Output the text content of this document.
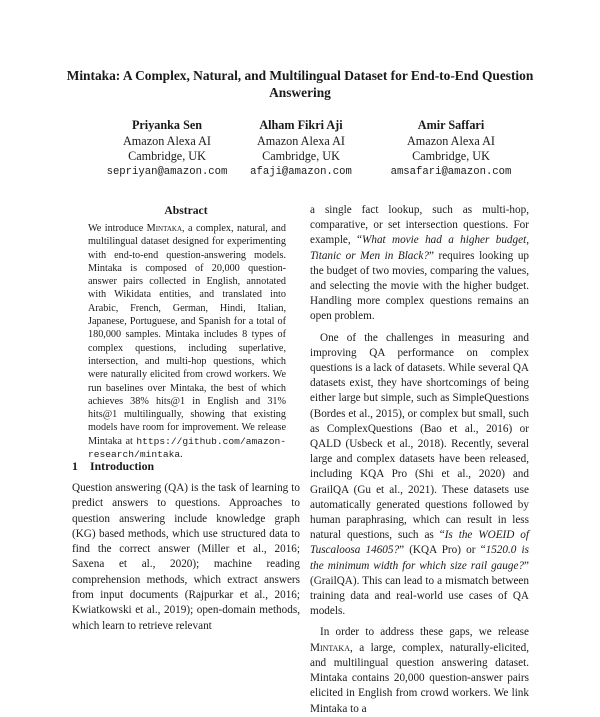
Mintaka: A Complex, Natural, and Multilingual Dataset for End-to-End Question Answering
Priyanka Sen
Amazon Alexa AI
Cambridge, UK
sepriyan@amazon.com
Alham Fikri Aji
Amazon Alexa AI
Cambridge, UK
afaji@amazon.com
Amir Saffari
Amazon Alexa AI
Cambridge, UK
amsafari@amazon.com
Abstract
We introduce Mintaka, a complex, natural, and multilingual dataset designed for experimenting with end-to-end question-answering models. Mintaka is composed of 20,000 question-answer pairs collected in English, annotated with Wikidata entities, and translated into Arabic, French, German, Hindi, Italian, Japanese, Portuguese, and Spanish for a total of 180,000 samples. Mintaka includes 8 types of complex questions, including superlative, intersection, and multi-hop questions, which were naturally elicited from crowd workers. We run baselines over Mintaka, the best of which achieves 38% hits@1 in English and 31% hits@1 multilingually, showing that existing models have room for improvement. We release Mintaka at https://github.com/amazon-research/mintaka.
1 Introduction
Question answering (QA) is the task of learning to predict answers to questions. Approaches to question answering include knowledge graph (KG) based methods, which use structured data to find the correct answer (Miller et al., 2016; Saxena et al., 2020); machine reading comprehension methods, which extract answers from input documents (Rajpurkar et al., 2016; Kwiatkowski et al., 2019); open-domain methods, which learn to retrieve relevant

a single fact lookup, such as multi-hop, comparative, or set intersection questions. For example, “What movie had a higher budget, Titanic or Men in Black?” requires looking up the budget of two movies, comparing the values, and selecting the movie with the higher budget. Handling more complex questions remains an open problem.

One of the challenges in measuring and improving QA performance on complex questions is a lack of datasets. While several QA datasets exist, they have shortcomings of being either large but simple, such as SimpleQuestions (Bordes et al., 2015), or complex but small, such as ComplexQuestions (Bao et al., 2016) or QALD (Usbeck et al., 2018). Recently, several large and complex datasets have been released, including KQA Pro (Shi et al., 2020) and GrailQA (Gu et al., 2021). These datasets use automatically generated questions followed by human paraphrasing, which can result in less natural questions, such as “Is the WOEID of Tuscaloosa 14605?” (KQA Pro) or “1520.0 is the minimum width for which size rail gauge?” (GrailQA). This can lead to a mismatch between training data and real-world use cases of QA models.

In order to address these gaps, we release Mintaka, a large, complex, naturally-elicited, and multilingual question answering dataset. Mintaka contains 20,000 question-answer pairs elicited in English from crowd workers. We link Mintaka to a
